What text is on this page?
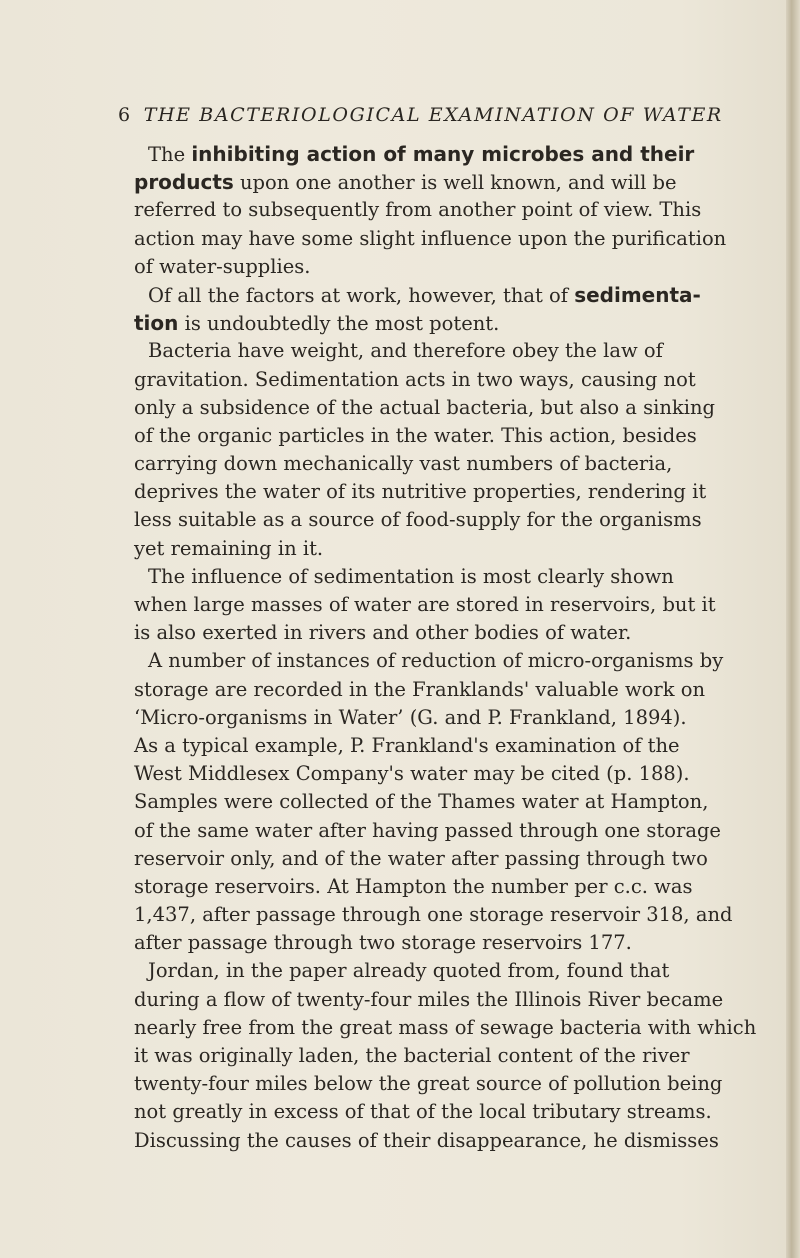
6 THE BACTERIOLOGICAL EXAMINATION OF WATER
The inhibiting action of many microbes and their
products upon one another is well known, and will be
referred to subsequently from another point of view. This
action may have some slight influence upon the purification
of water-supplies.
Of all the factors at work, however, that of sedimenta-
tion is undoubtedly the most potent.
Bacteria have weight, and therefore obey the law of
gravitation. Sedimentation acts in two ways, causing not
only a subsidence of the actual bacteria, but also a sinking
of the organic particles in the water. This action, besides
carrying down mechanically vast numbers of bacteria,
deprives the water of its nutritive properties, rendering it
less suitable as a source of food-supply for the organisms
yet remaining in it.
The influence of sedimentation is most clearly shown
when large masses of water are stored in reservoirs, but it
is also exerted in rivers and other bodies of water.
A number of instances of reduction of micro-organisms by
storage are recorded in the Franklands' valuable work on
‘Micro-organisms in Water’ (G. and P. Frankland, 1894).
As a typical example, P. Frankland's examination of the
West Middlesex Company's water may be cited (p. 188).
Samples were collected of the Thames water at Hampton,
of the same water after having passed through one storage
reservoir only, and of the water after passing through two
storage reservoirs. At Hampton the number per c.c. was
1,437, after passage through one storage reservoir 318, and
after passage through two storage reservoirs 177.
Jordan, in the paper already quoted from, found that
during a flow of twenty-four miles the Illinois River became
nearly free from the great mass of sewage bacteria with which
it was originally laden, the bacterial content of the river
twenty-four miles below the great source of pollution being
not greatly in excess of that of the local tributary streams.
Discussing the causes of their disappearance, he dismisses
